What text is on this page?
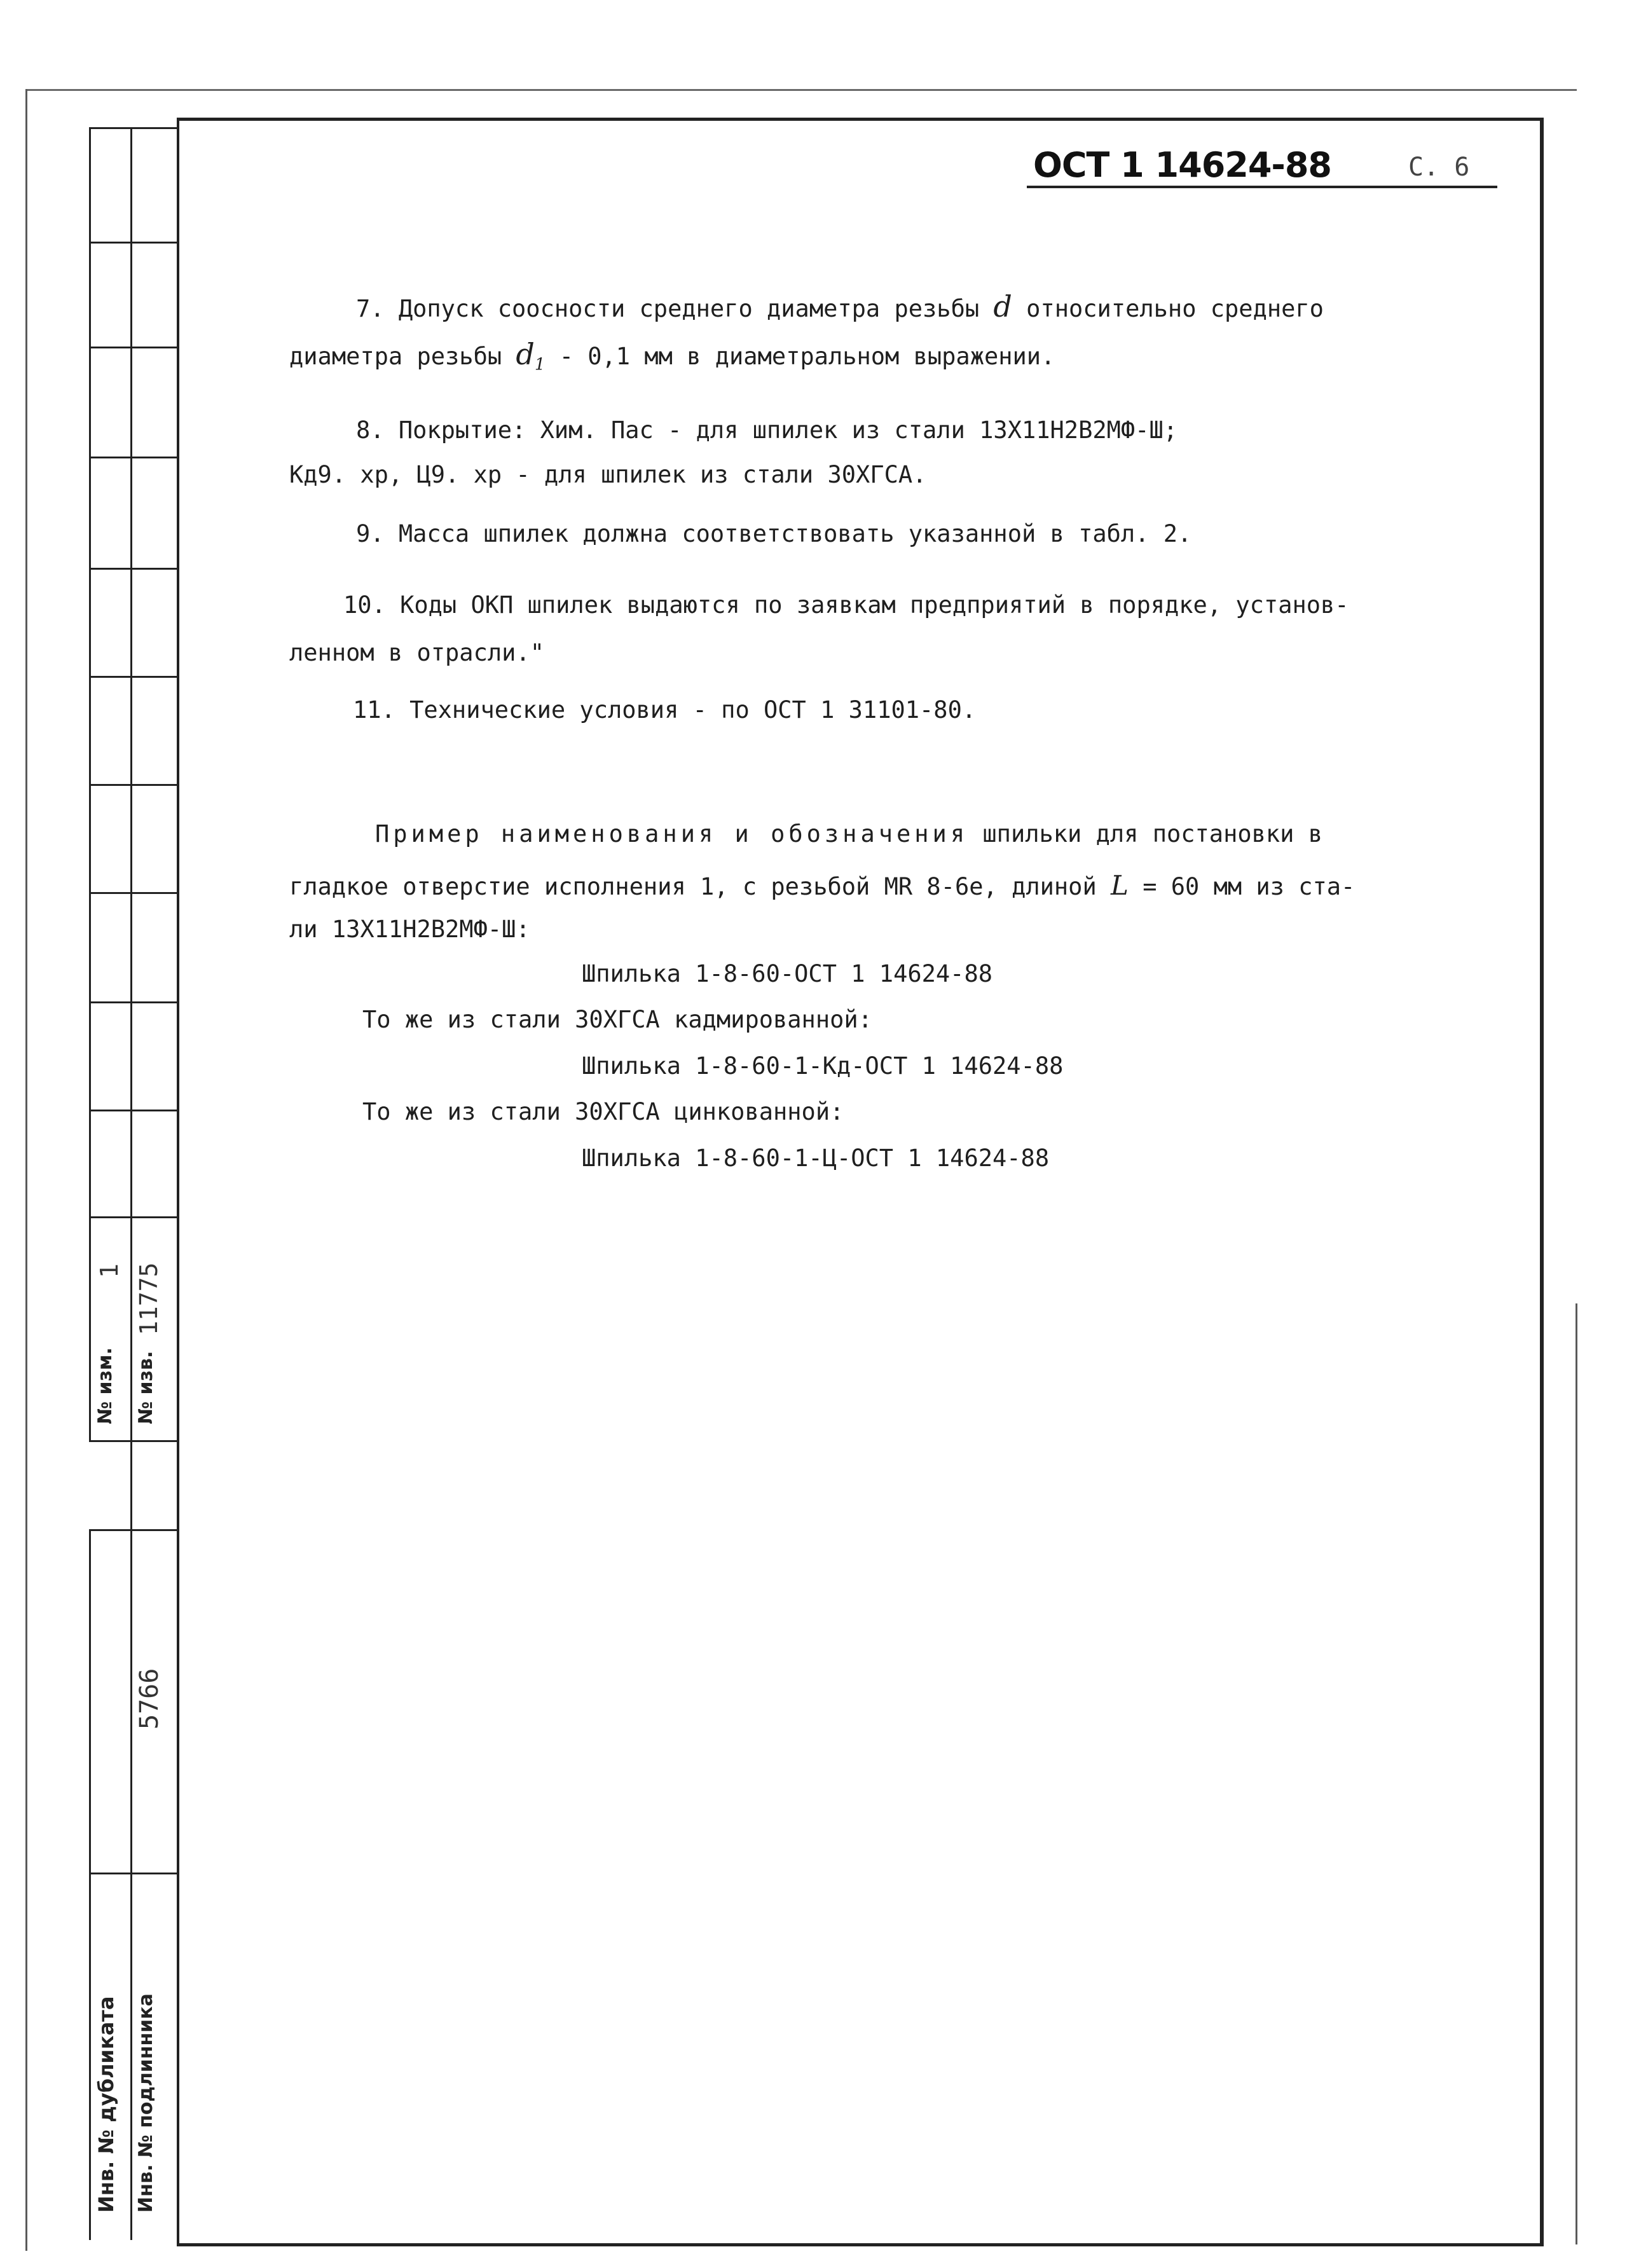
№ изм.
1
№ изв.
11775
5766
Инв. № дубликата Инв. № подлинника
ОСТ 1 14624-88	С. 6
7. Допуск соосности среднего диаметра резьбы d относительно среднего
диаметра резьбы $d_1 - 0,1$ мм в диаметральном выражении.
8. Покрытие: Хим. Пас - для шпилек из стали 13Х11Н2В2МФ-Ш;
Кд9. хр, Ц9. хр - для шпилек из стали 30ХГСА.
9. Масса шпилек должна соответствовать указанной в табл. 2.
10. Коды ОКП шпилек выдаются по заявкам предприятий в порядке, установ-
ленном в отрасли."
11. Технические условия - по ОСТ 1 31101-80.
Пример наименования и обозначения шпильки для постановки в
гладкое отверстие исполнения 1, с резьбой MR 8-6е, длиной L = 60 мм из ста-
ли 13Х11Н2В2МФ-Ш:
Шпилька 1-8-60-ОСТ 1 14624-88
То же из стали 30ХГСА кадмированной:
Шпилька 1-8-60-1-Кд-ОСТ 1 14624-88
То же из стали 30ХГСА цинкованной:
Шпилька 1-8-60-1-Ц-ОСТ 1 14624-88
